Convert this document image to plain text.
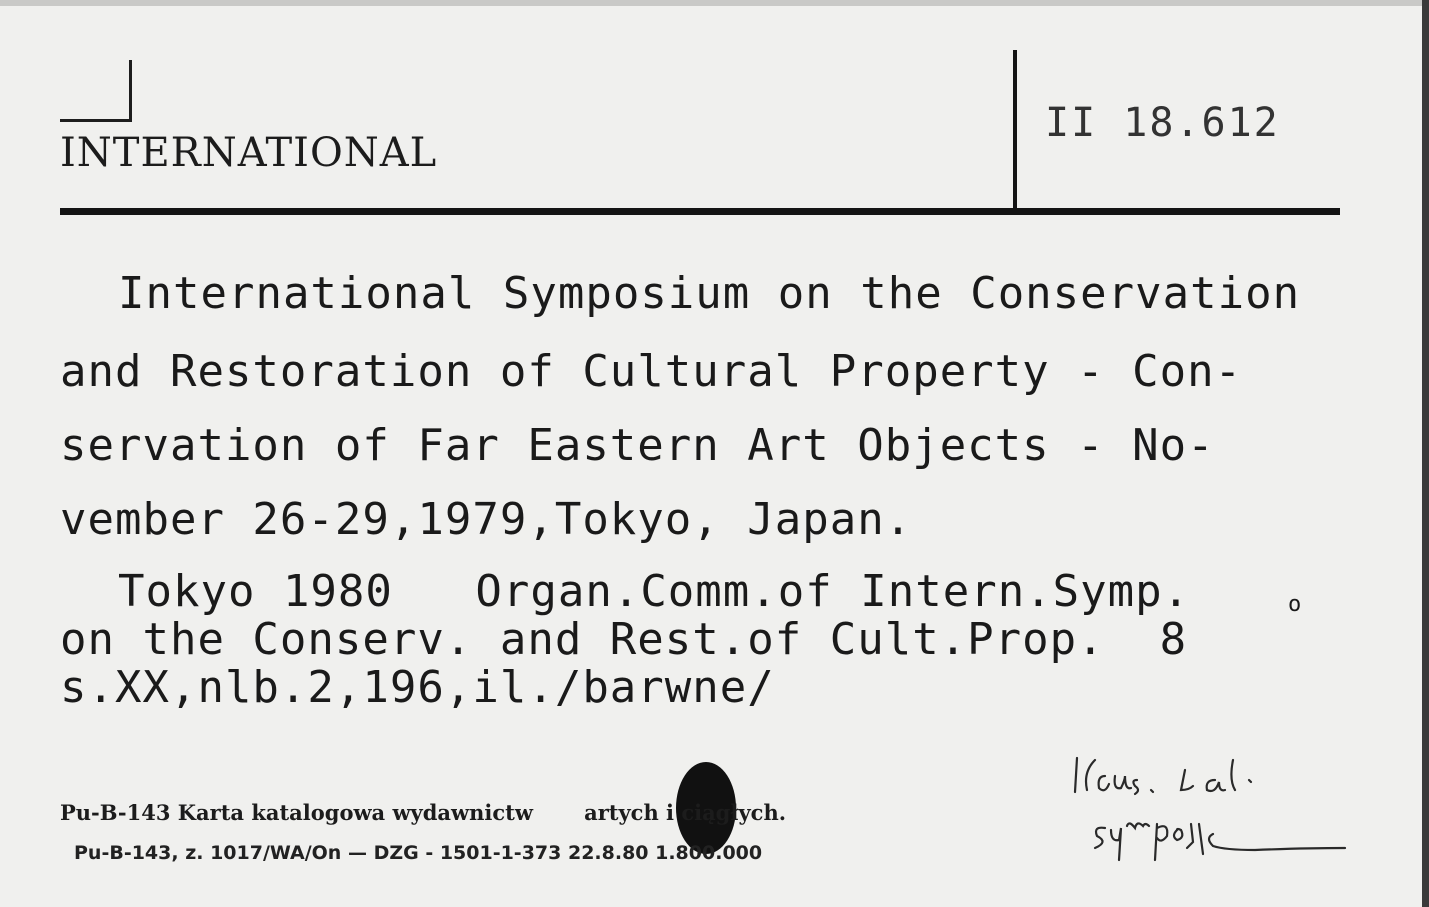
INTERNATIONAL
II 18.612
International Symposium on the Conservation
and Restoration of Cultural Property - Con-
servation of Far Eastern Art Objects - No-
vember 26-29,1979,Tokyo, Japan.
Tokyo 1980   Organ.Comm.of Intern.Symp.
on the Conserv. and Rest.of Cult.Prop.  8
s.XX,nlb.2,196,il./barwne/
o
Pu-B-143 Karta katalogowa wydawnictw       artych i ciągłych.
Pu-B-143, z. 1017/WA/On — DZG - 1501-1-373 22.8.80 1.800.000
